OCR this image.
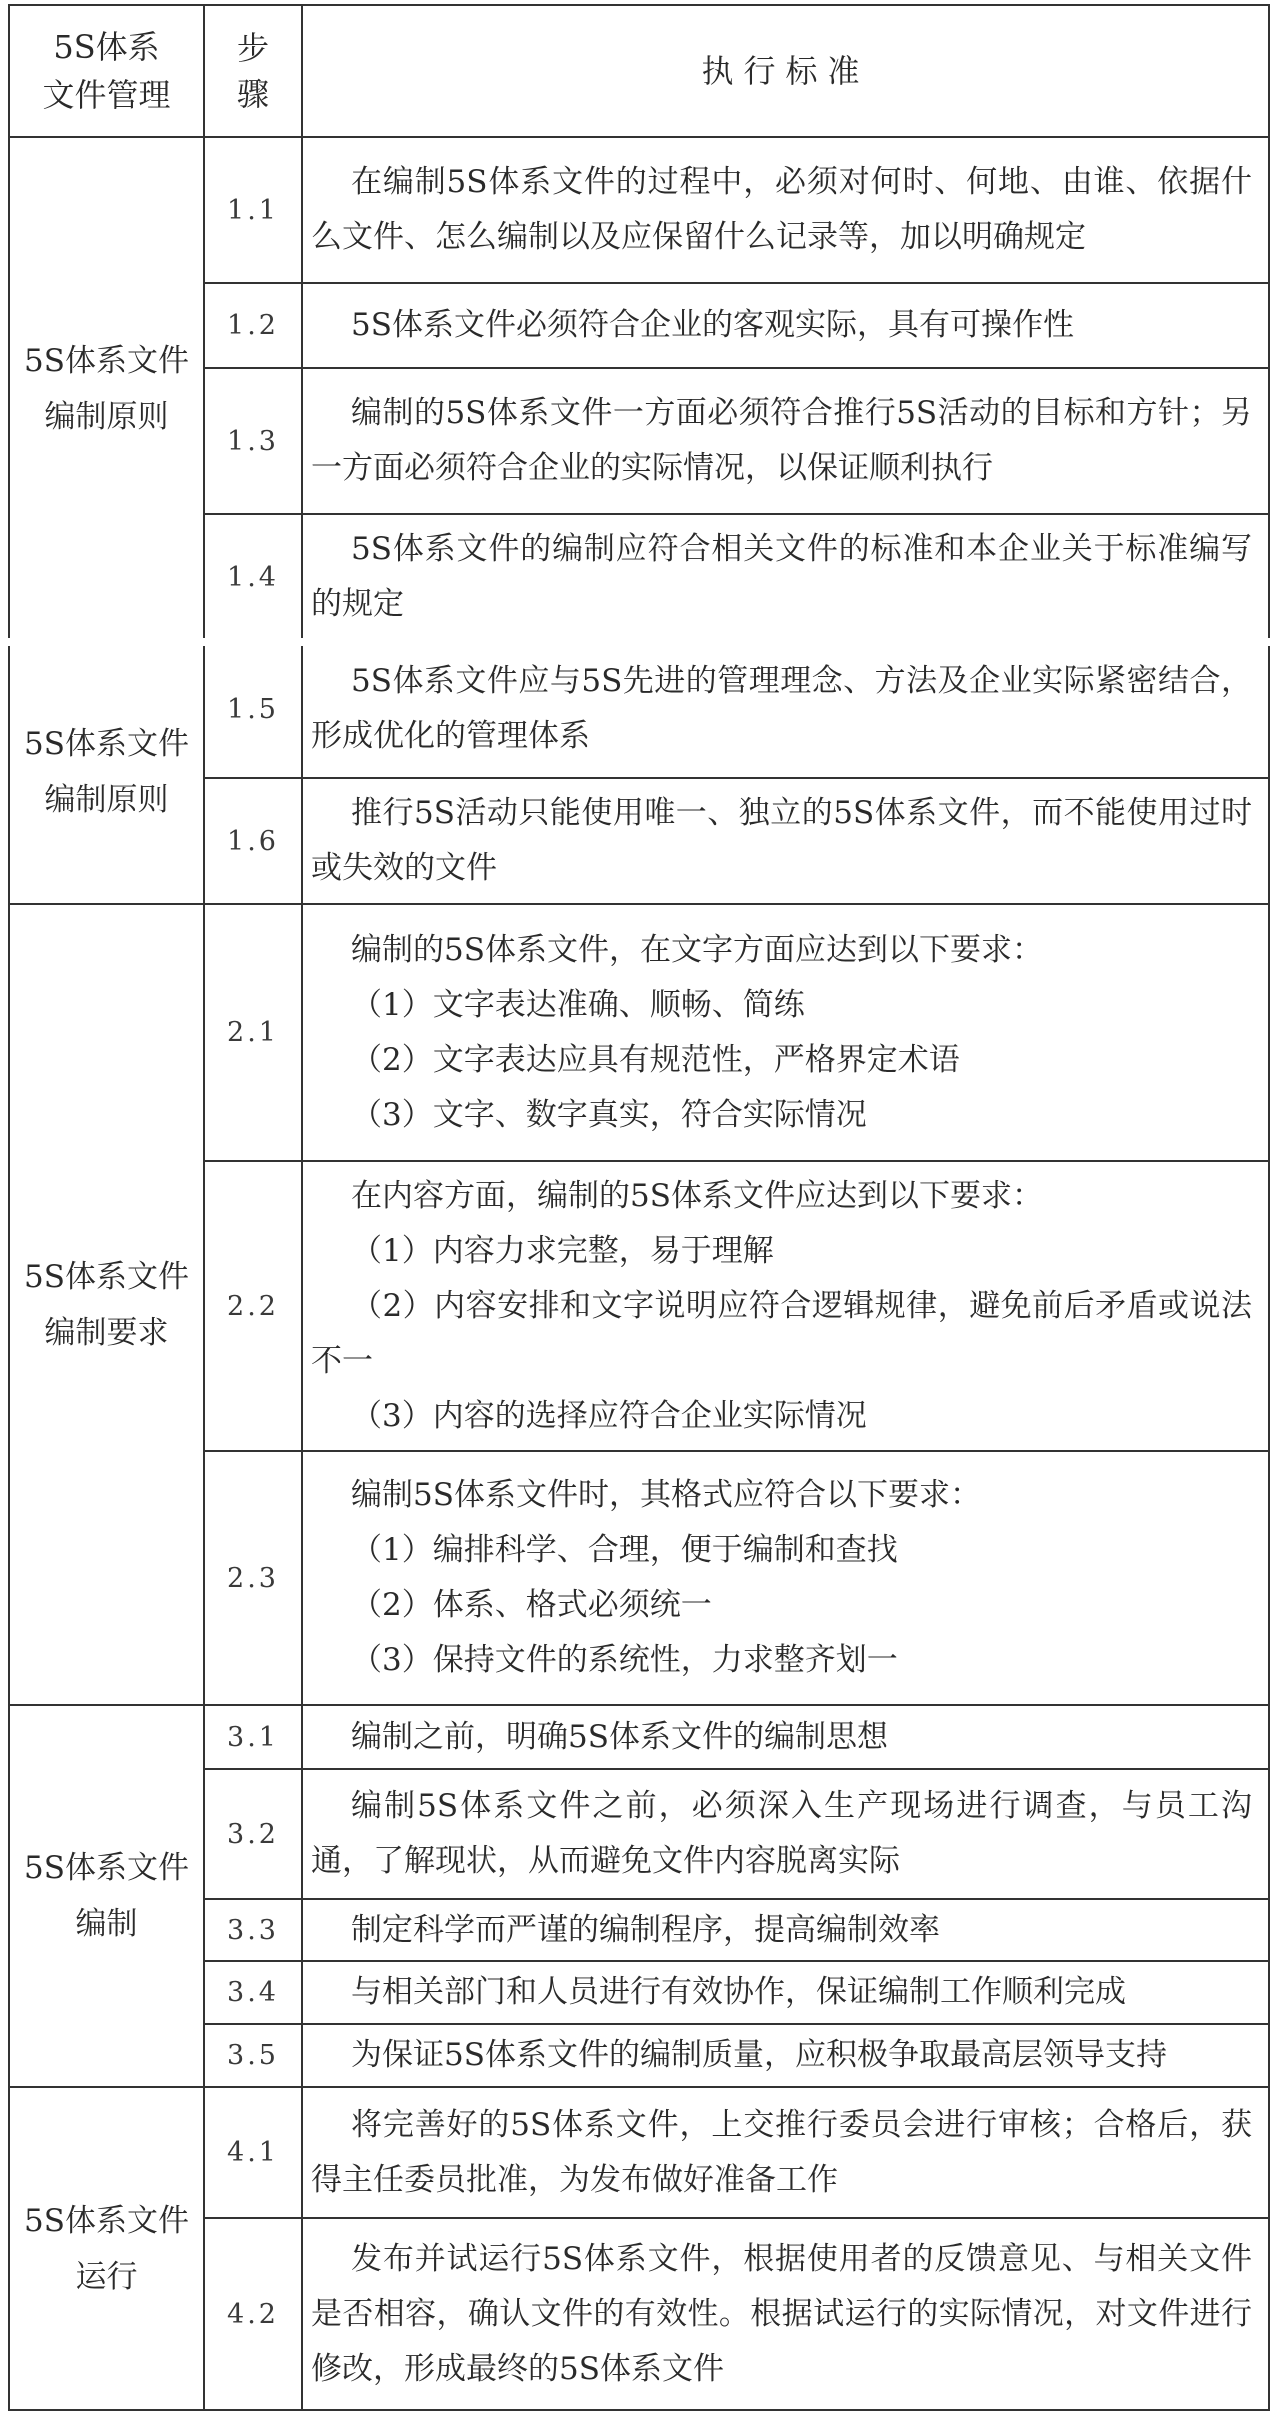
5S体系文件管理	步骤	执行标准

5S体系文件编制原则	1.1	在编制5S体系文件的过程中，必须对何时、何地、由谁、依据什么文件、怎么编制以及应保留什么记录等，加以明确规定

	1.2	5S体系文件必须符合企业的客观实际，具有可操作性

	1.3	编制的5S体系文件一方面必须符合推行5S活动的目标和方针；另一方面必须符合企业的实际情况，以保证顺利执行

	1.4	5S体系文件的编制应符合相关文件的标准和本企业关于标准编写的规定

5S体系文件编制原则	1.5	5S体系文件应与5S先进的管理理念、方法及企业实际紧密结合，形成优化的管理体系

	1.6	推行5S活动只能使用唯一、独立的5S体系文件，而不能使用过时或失效的文件

5S体系文件编制要求	2.1	编制的5S体系文件，在文字方面应达到以下要求：
（1）文字表达准确、顺畅、简练
（2）文字表达应具有规范性，严格界定术语
（3）文字、数字真实，符合实际情况

	2.2	在内容方面，编制的5S体系文件应达到以下要求：
（1）内容力求完整，易于理解
（2）内容安排和文字说明应符合逻辑规律，避免前后矛盾或说法不一
（3）内容的选择应符合企业实际情况

	2.3	编制5S体系文件时，其格式应符合以下要求：
（1）编排科学、合理，便于编制和查找
（2）体系、格式必须统一
（3）保持文件的系统性，力求整齐划一

5S体系文件编制	3.1	编制之前，明确5S体系文件的编制思想

	3.2	编制5S体系文件之前，必须深入生产现场进行调查，与员工沟通，了解现状，从而避免文件内容脱离实际

	3.3	制定科学而严谨的编制程序，提高编制效率

	3.4	与相关部门和人员进行有效协作，保证编制工作顺利完成

	3.5	为保证5S体系文件的编制质量，应积极争取最高层领导支持

5S体系文件运行	4.1	将完善好的5S体系文件，上交推行委员会进行审核；合格后，获得主任委员批准，为发布做好准备工作

	4.2	发布并试运行5S体系文件，根据使用者的反馈意见、与相关文件是否相容，确认文件的有效性。根据试运行的实际情况，对文件进行修改，形成最终的5S体系文件
